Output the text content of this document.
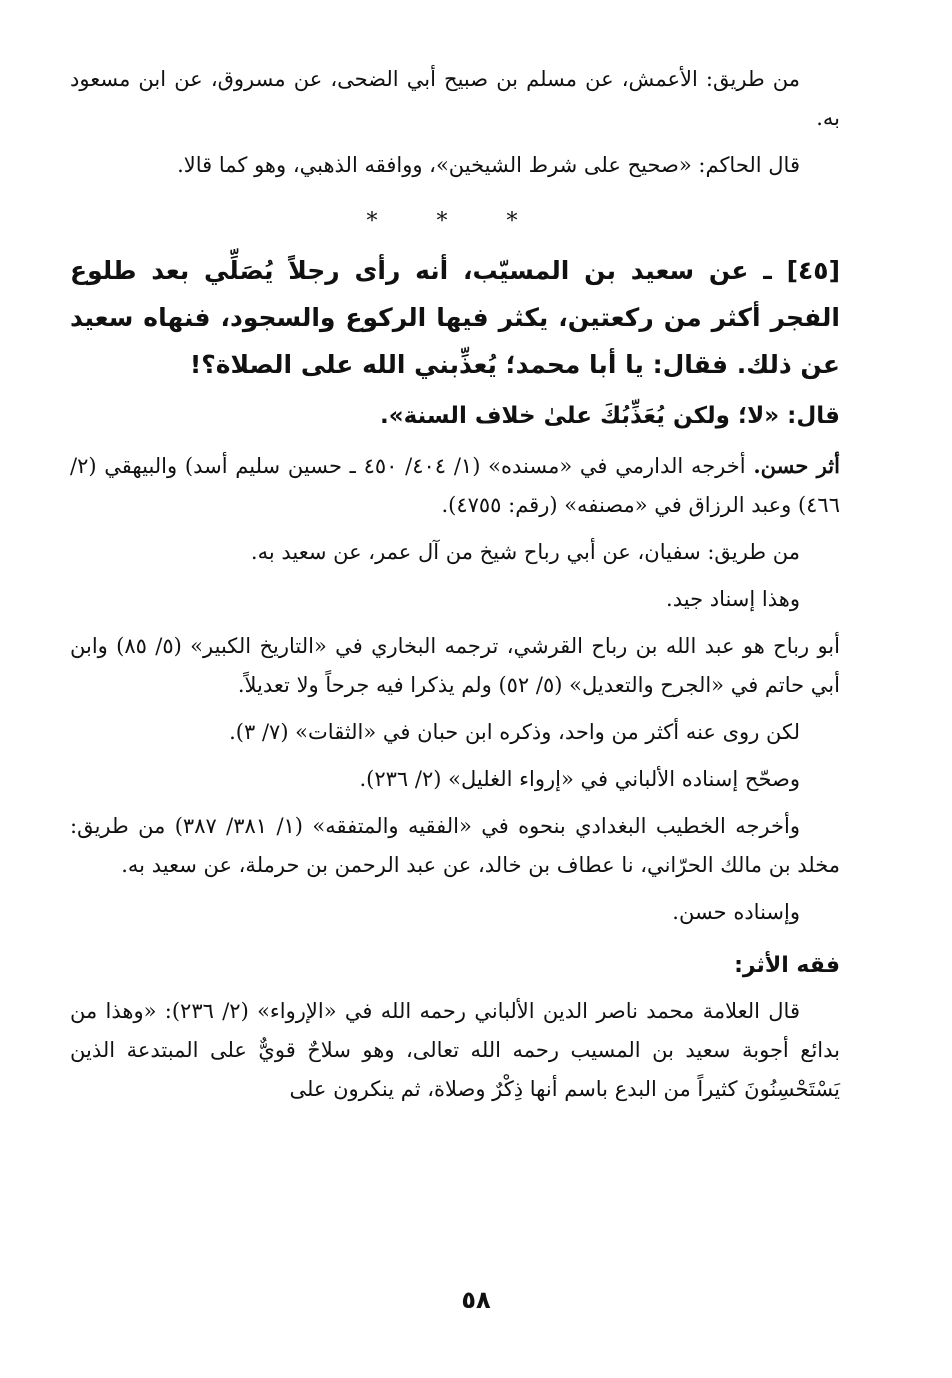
من طريق: الأعمش، عن مسلم بن صبيح أبي الضحى، عن مسروق، عن ابن مسعود به.

قال الحاكم: «صحيح على شرط الشيخين»، ووافقه الذهبي، وهو كما قالا.

* * *

[٤٥] ـ عن سعيد بن المسيّب، أنه رأى رجلاً يُصَلِّي بعد طلوع الفجر أكثر من ركعتين، يكثر فيها الركوع والسجود، فنهاه سعيد عن ذلك. فقال: يا أبا محمد؛ يُعذِّبني الله على الصلاة؟!

قال: «لا؛ ولكن يُعَذِّبُكَ علىٰ خلاف السنة».

أثر حسن. أخرجه الدارمي في «مسنده» (١/ ٤٠٤/ ٤٥٠ ـ حسين سليم أسد) والبيهقي (٢/ ٤٦٦) وعبد الرزاق في «مصنفه» (رقم: ٤٧٥٥).

من طريق: سفيان، عن أبي رباح شيخ من آل عمر، عن سعيد به.

وهذا إسناد جيد.

أبو رباح هو عبد الله بن رباح القرشي، ترجمه البخاري في «التاريخ الكبير» (٥/ ٨٥) وابن أبي حاتم في «الجرح والتعديل» (٥/ ٥٢) ولم يذكرا فيه جرحاً ولا تعديلاً.

لكن روى عنه أكثر من واحد، وذكره ابن حبان في «الثقات» (٧/ ٣).

وصحّح إسناده الألباني في «إرواء الغليل» (٢/ ٢٣٦).

وأخرجه الخطيب البغدادي بنحوه في «الفقيه والمتفقه» (١/ ٣٨١/ ٣٨٧) من طريق: مخلد بن مالك الحرّاني، نا عطاف بن خالد، عن عبد الرحمن بن حرملة، عن سعيد به.

وإسناده حسن.

فقه الأثر:

قال العلامة محمد ناصر الدين الألباني رحمه الله في «الإرواء» (٢/ ٢٣٦): «وهذا من بدائع أجوبة سعيد بن المسيب رحمه الله تعالى، وهو سلاحٌ قويٌّ على المبتدعة الذين يَسْتَحْسِنُونَ كثيراً من البدع باسم أنها ذِكْرٌ وصلاة، ثم ينكرون على

٥٨
